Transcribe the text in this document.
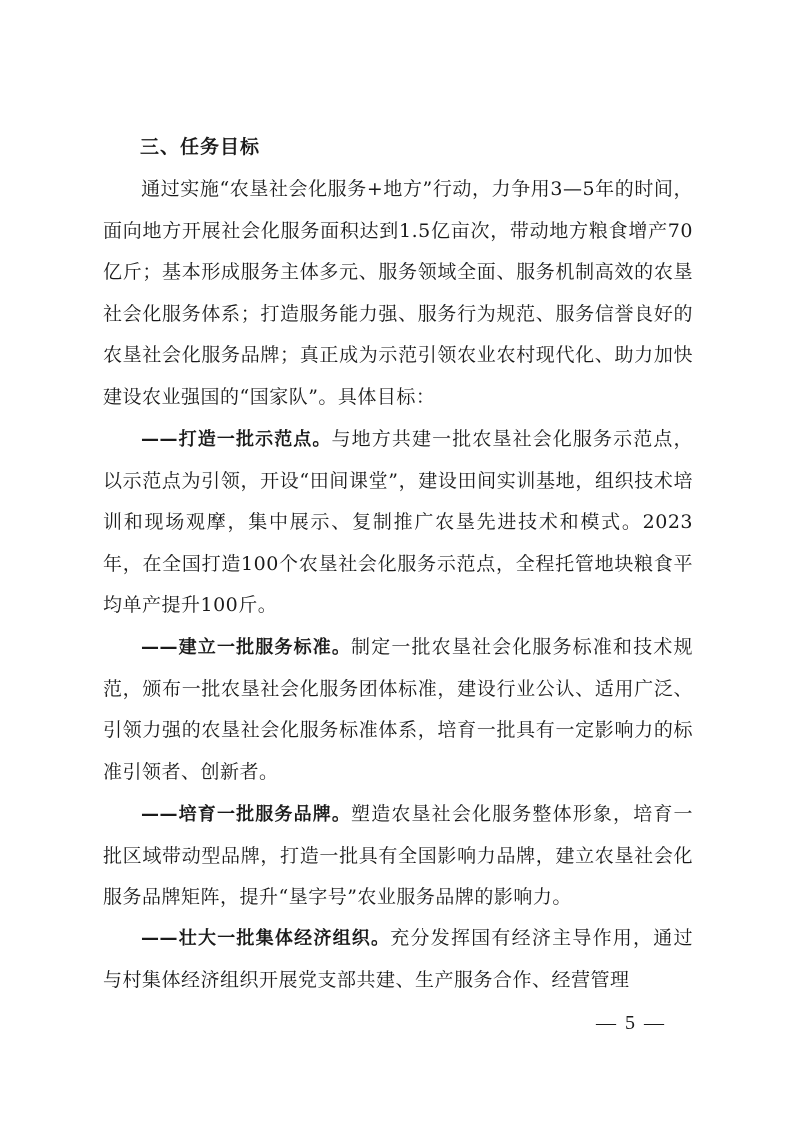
三、任务目标
通过实施“农垦社会化服务+地方”行动，力争用3—5年的时间，面向地方开展社会化服务面积达到1.5亿亩次，带动地方粮食增产70亿斤；基本形成服务主体多元、服务领域全面、服务机制高效的农垦社会化服务体系；打造服务能力强、服务行为规范、服务信誉良好的农垦社会化服务品牌；真正成为示范引领农业农村现代化、助力加快建设农业强国的“国家队”。具体目标：
——打造一批示范点。与地方共建一批农垦社会化服务示范点，以示范点为引领，开设“田间课堂”，建设田间实训基地，组织技术培训和现场观摩，集中展示、复制推广农垦先进技术和模式。2023年，在全国打造100个农垦社会化服务示范点，全程托管地块粮食平均单产提升100斤。
——建立一批服务标准。制定一批农垦社会化服务标准和技术规范，颁布一批农垦社会化服务团体标准，建设行业公认、适用广泛、引领力强的农垦社会化服务标准体系，培育一批具有一定影响力的标准引领者、创新者。
——培育一批服务品牌。塑造农垦社会化服务整体形象，培育一批区域带动型品牌，打造一批具有全国影响力品牌，建立农垦社会化服务品牌矩阵，提升“垦字号”农业服务品牌的影响力。
——壮大一批集体经济组织。充分发挥国有经济主导作用，通过与村集体经济组织开展党支部共建、生产服务合作、经营管理
— 5 —
